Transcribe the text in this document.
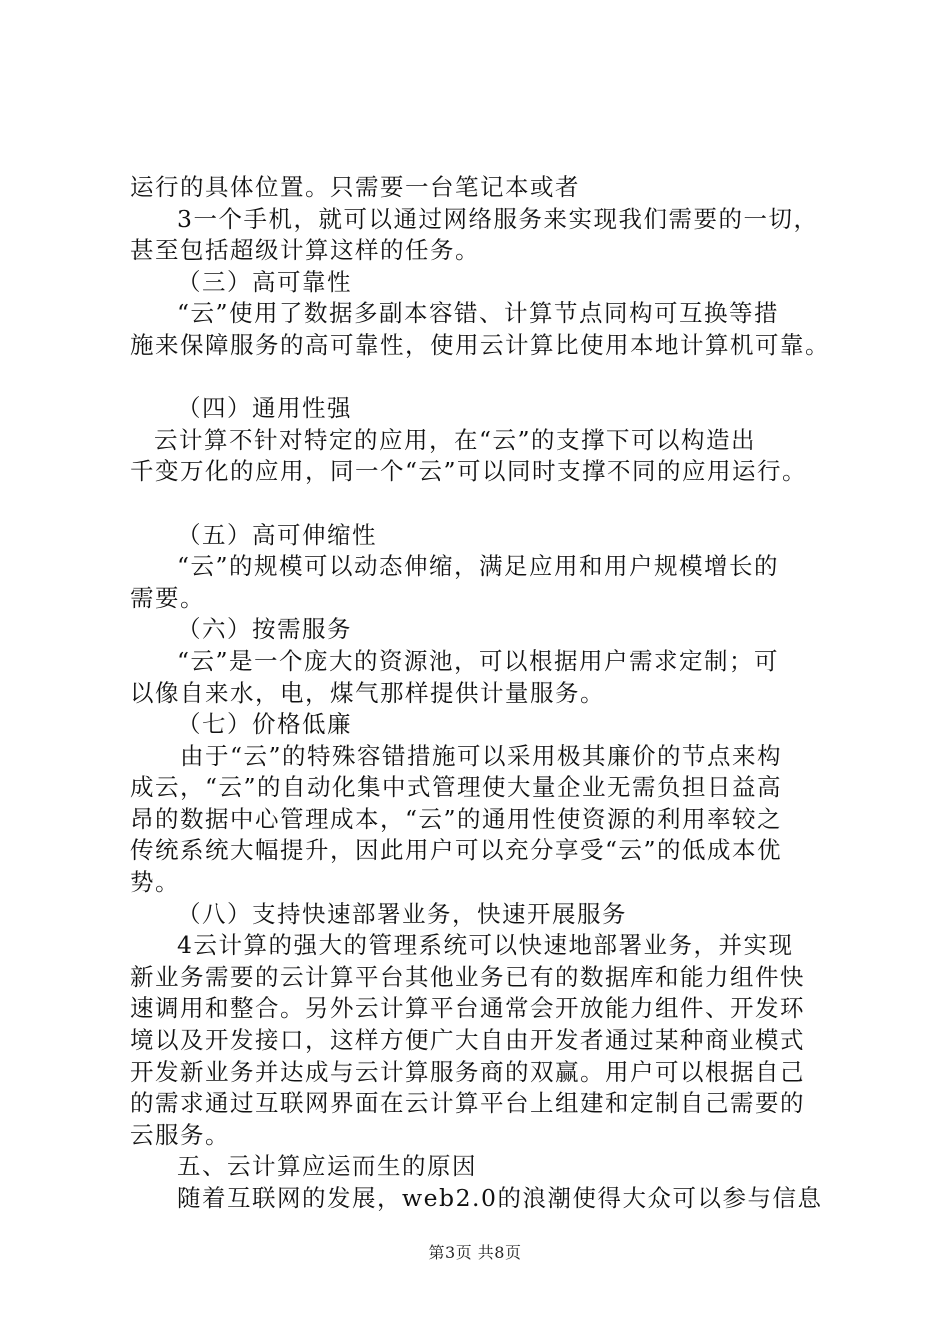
运行的具体位置。只需要一台笔记本或者
3一个手机，就可以通过网络服务来实现我们需要的一切，
甚至包括超级计算这样的任务。
（三）高可靠性
“云”使用了数据多副本容错、计算节点同构可互换等措
施来保障服务的高可靠性，使用云计算比使用本地计算机可靠。
（四）通用性强
云计算不针对特定的应用，在“云”的支撑下可以构造出
千变万化的应用，同一个“云”可以同时支撑不同的应用运行。
（五）高可伸缩性
“云”的规模可以动态伸缩，满足应用和用户规模增长的
需要。
（六）按需服务
“云”是一个庞大的资源池，可以根据用户需求定制；可
以像自来水，电，煤气那样提供计量服务。
（七）价格低廉
由于“云”的特殊容错措施可以采用极其廉价的节点来构
成云，“云”的自动化集中式管理使大量企业无需负担日益高
昂的数据中心管理成本，“云”的通用性使资源的利用率较之
传统系统大幅提升，因此用户可以充分享受“云”的低成本优
势。
（八）支持快速部署业务，快速开展服务
4云计算的强大的管理系统可以快速地部署业务，并实现
新业务需要的云计算平台其他业务已有的数据库和能力组件快
速调用和整合。另外云计算平台通常会开放能力组件、开发环
境以及开发接口，这样方便广大自由开发者通过某种商业模式
开发新业务并达成与云计算服务商的双赢。用户可以根据自己
的需求通过互联网界面在云计算平台上组建和定制自己需要的
云服务。
五、云计算应运而生的原因
随着互联网的发展，web2.0的浪潮使得大众可以参与信息
第3页 共8页
